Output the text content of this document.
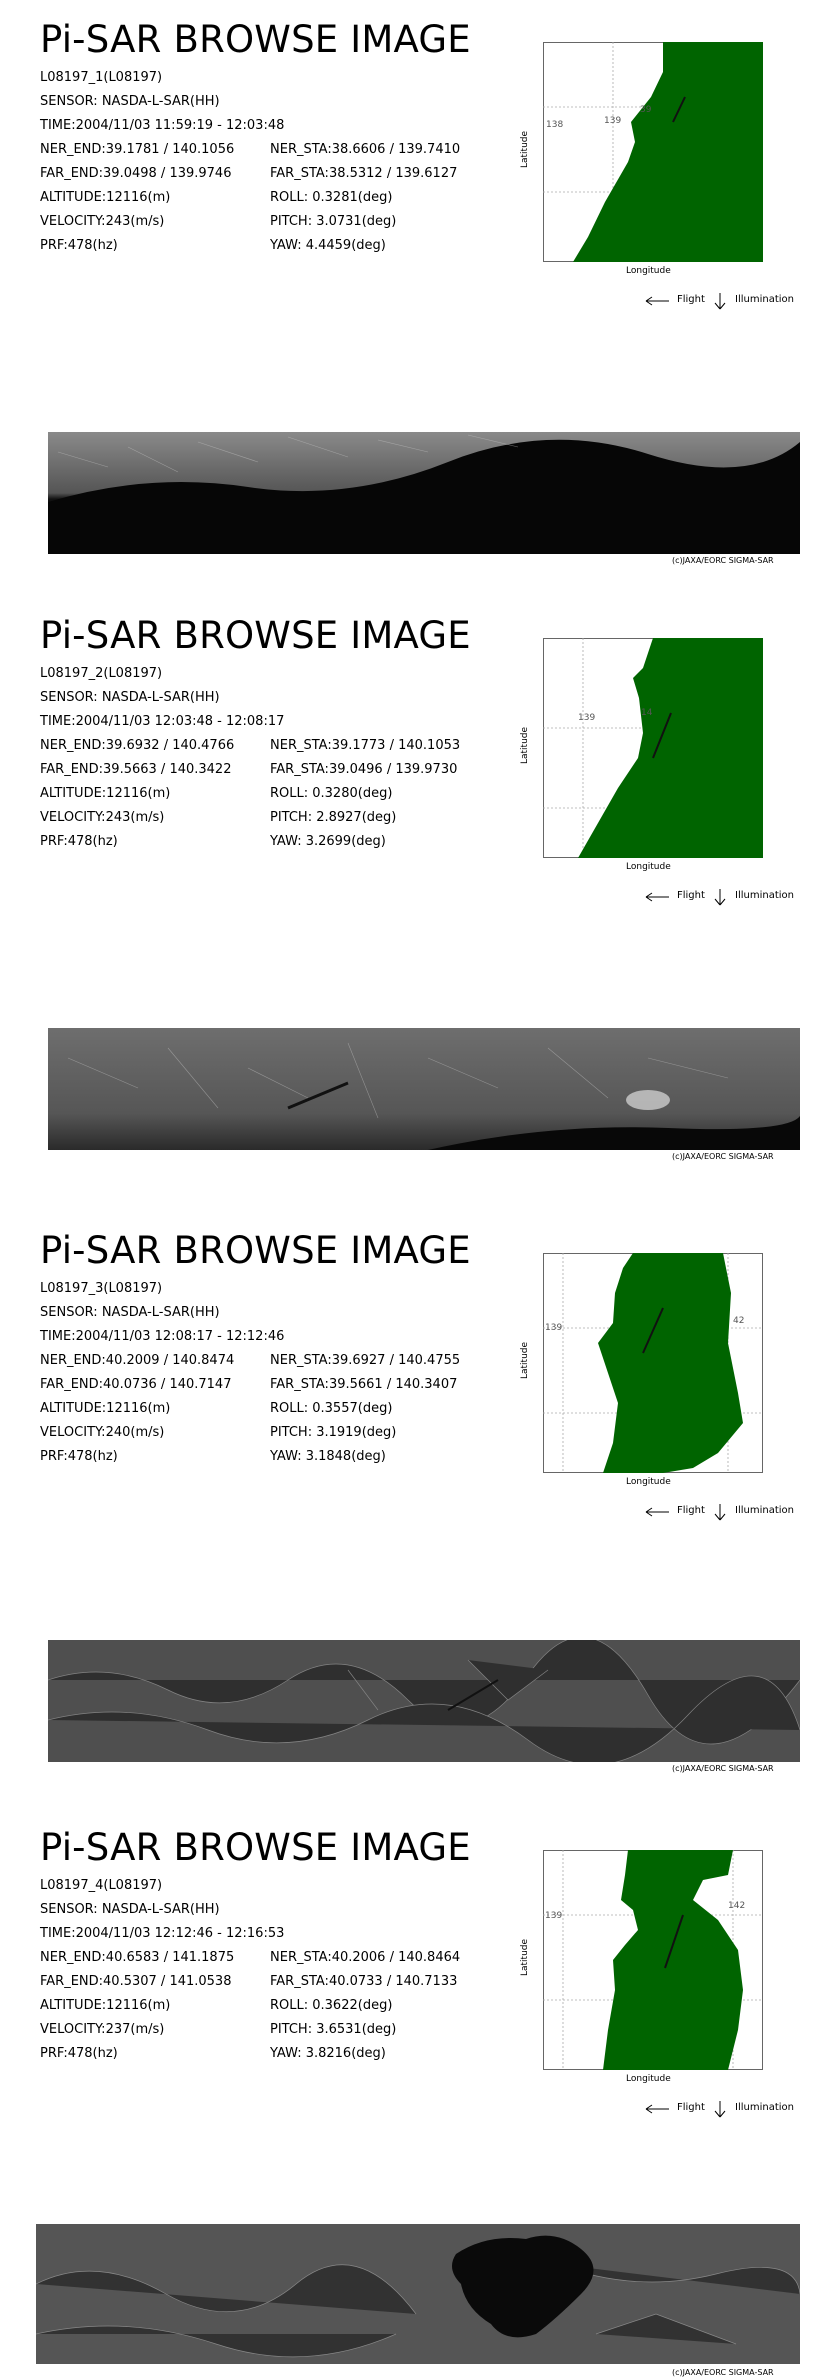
Pi-SAR BROWSE IMAGE
L08197_1(L08197)
SENSOR: NASDA-L-SAR(HH)
TIME:2004/11/03 11:59:19 - 12:03:48
NER_END:39.1781 / 140.1056	NER_STA:38.6606 / 139.7410
FAR_END:39.0498 / 139.9746	FAR_STA:38.5312 / 139.6127
ALTITUDE:12116(m)	ROLL: 0.3281(deg)
VELOCITY:243(m/s)	PITCH: 3.0731(deg)
PRF:478(hz)	YAW: 4.4459(deg)
138	139
39
Latitude
Longitude
Flight	Illumination
(c)JAXA/EORC SIGMA-SAR
Pi-SAR BROWSE IMAGE
L08197_2(L08197)
SENSOR: NASDA-L-SAR(HH)
TIME:2004/11/03 12:03:48 - 12:08:17
NER_END:39.6932 / 140.4766	NER_STA:39.1773 / 140.1053
FAR_END:39.5663 / 140.3422	FAR_STA:39.0496 / 139.9730
ALTITUDE:12116(m)	ROLL: 0.3280(deg)
VELOCITY:243(m/s)	PITCH: 2.8927(deg)
PRF:478(hz)	YAW: 3.2699(deg)
139	14
Latitude
Longitude
Flight	Illumination
(c)JAXA/EORC SIGMA-SAR
Pi-SAR BROWSE IMAGE
L08197_3(L08197)
SENSOR: NASDA-L-SAR(HH)
TIME:2004/11/03 12:08:17 - 12:12:46
NER_END:40.2009 / 140.8474	NER_STA:39.6927 / 140.4755
FAR_END:40.0736 / 140.7147	FAR_STA:39.5661 / 140.3407
ALTITUDE:12116(m)	ROLL: 0.3557(deg)
VELOCITY:240(m/s)	PITCH: 3.1919(deg)
PRF:478(hz)	YAW: 3.1848(deg)
139
42
Latitude
Longitude
Flight	Illumination
(c)JAXA/EORC SIGMA-SAR
Pi-SAR BROWSE IMAGE
L08197_4(L08197)
SENSOR: NASDA-L-SAR(HH)
TIME:2004/11/03 12:12:46 - 12:16:53
NER_END:40.6583 / 141.1875	NER_STA:40.2006 / 140.8464
FAR_END:40.5307 / 141.0538	FAR_STA:40.0733 / 140.7133
ALTITUDE:12116(m)	ROLL: 0.3622(deg)
VELOCITY:237(m/s)	PITCH: 3.6531(deg)
PRF:478(hz)	YAW: 3.8216(deg)
139
142
Latitude
Longitude
Flight	Illumination
(c)JAXA/EORC SIGMA-SAR
